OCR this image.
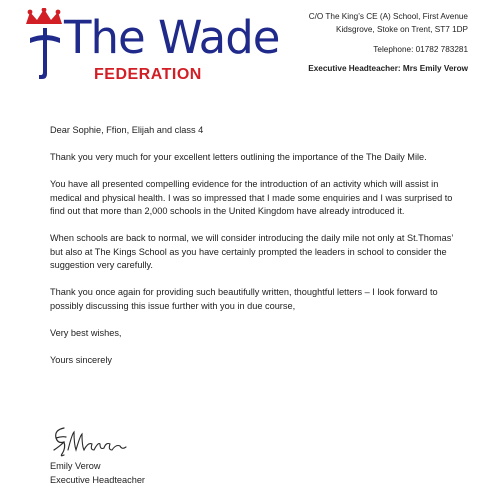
The Wade
FEDERATION
C/O The King’s CE (A) School, First Avenue
Kidsgrove, Stoke on Trent, ST7 1DP
Telephone: 01782 783281
Executive Headteacher: Mrs Emily Verow

Dear Sophie, Ffion, Elijah and class 4

Thank you very much for your excellent letters outlining the importance of the The Daily Mile.

You have all presented compelling evidence for the introduction of an activity which will assist in medical and physical health. I was so impressed that I made some enquiries and I was surprised to find out that more than 2,000 schools in the United Kingdom have already introduced it.

When schools are back to normal, we will consider introducing the daily mile not only at St.Thomas’ but also at The Kings School as you have certainly prompted the leaders in school to consider the suggestion very carefully.

Thank you once again for providing such beautifully written, thoughtful letters – I look forward to possibly discussing this issue further with you in due course,

Very best wishes,

Yours sincerely

Emily Verow
Executive Headteacher
